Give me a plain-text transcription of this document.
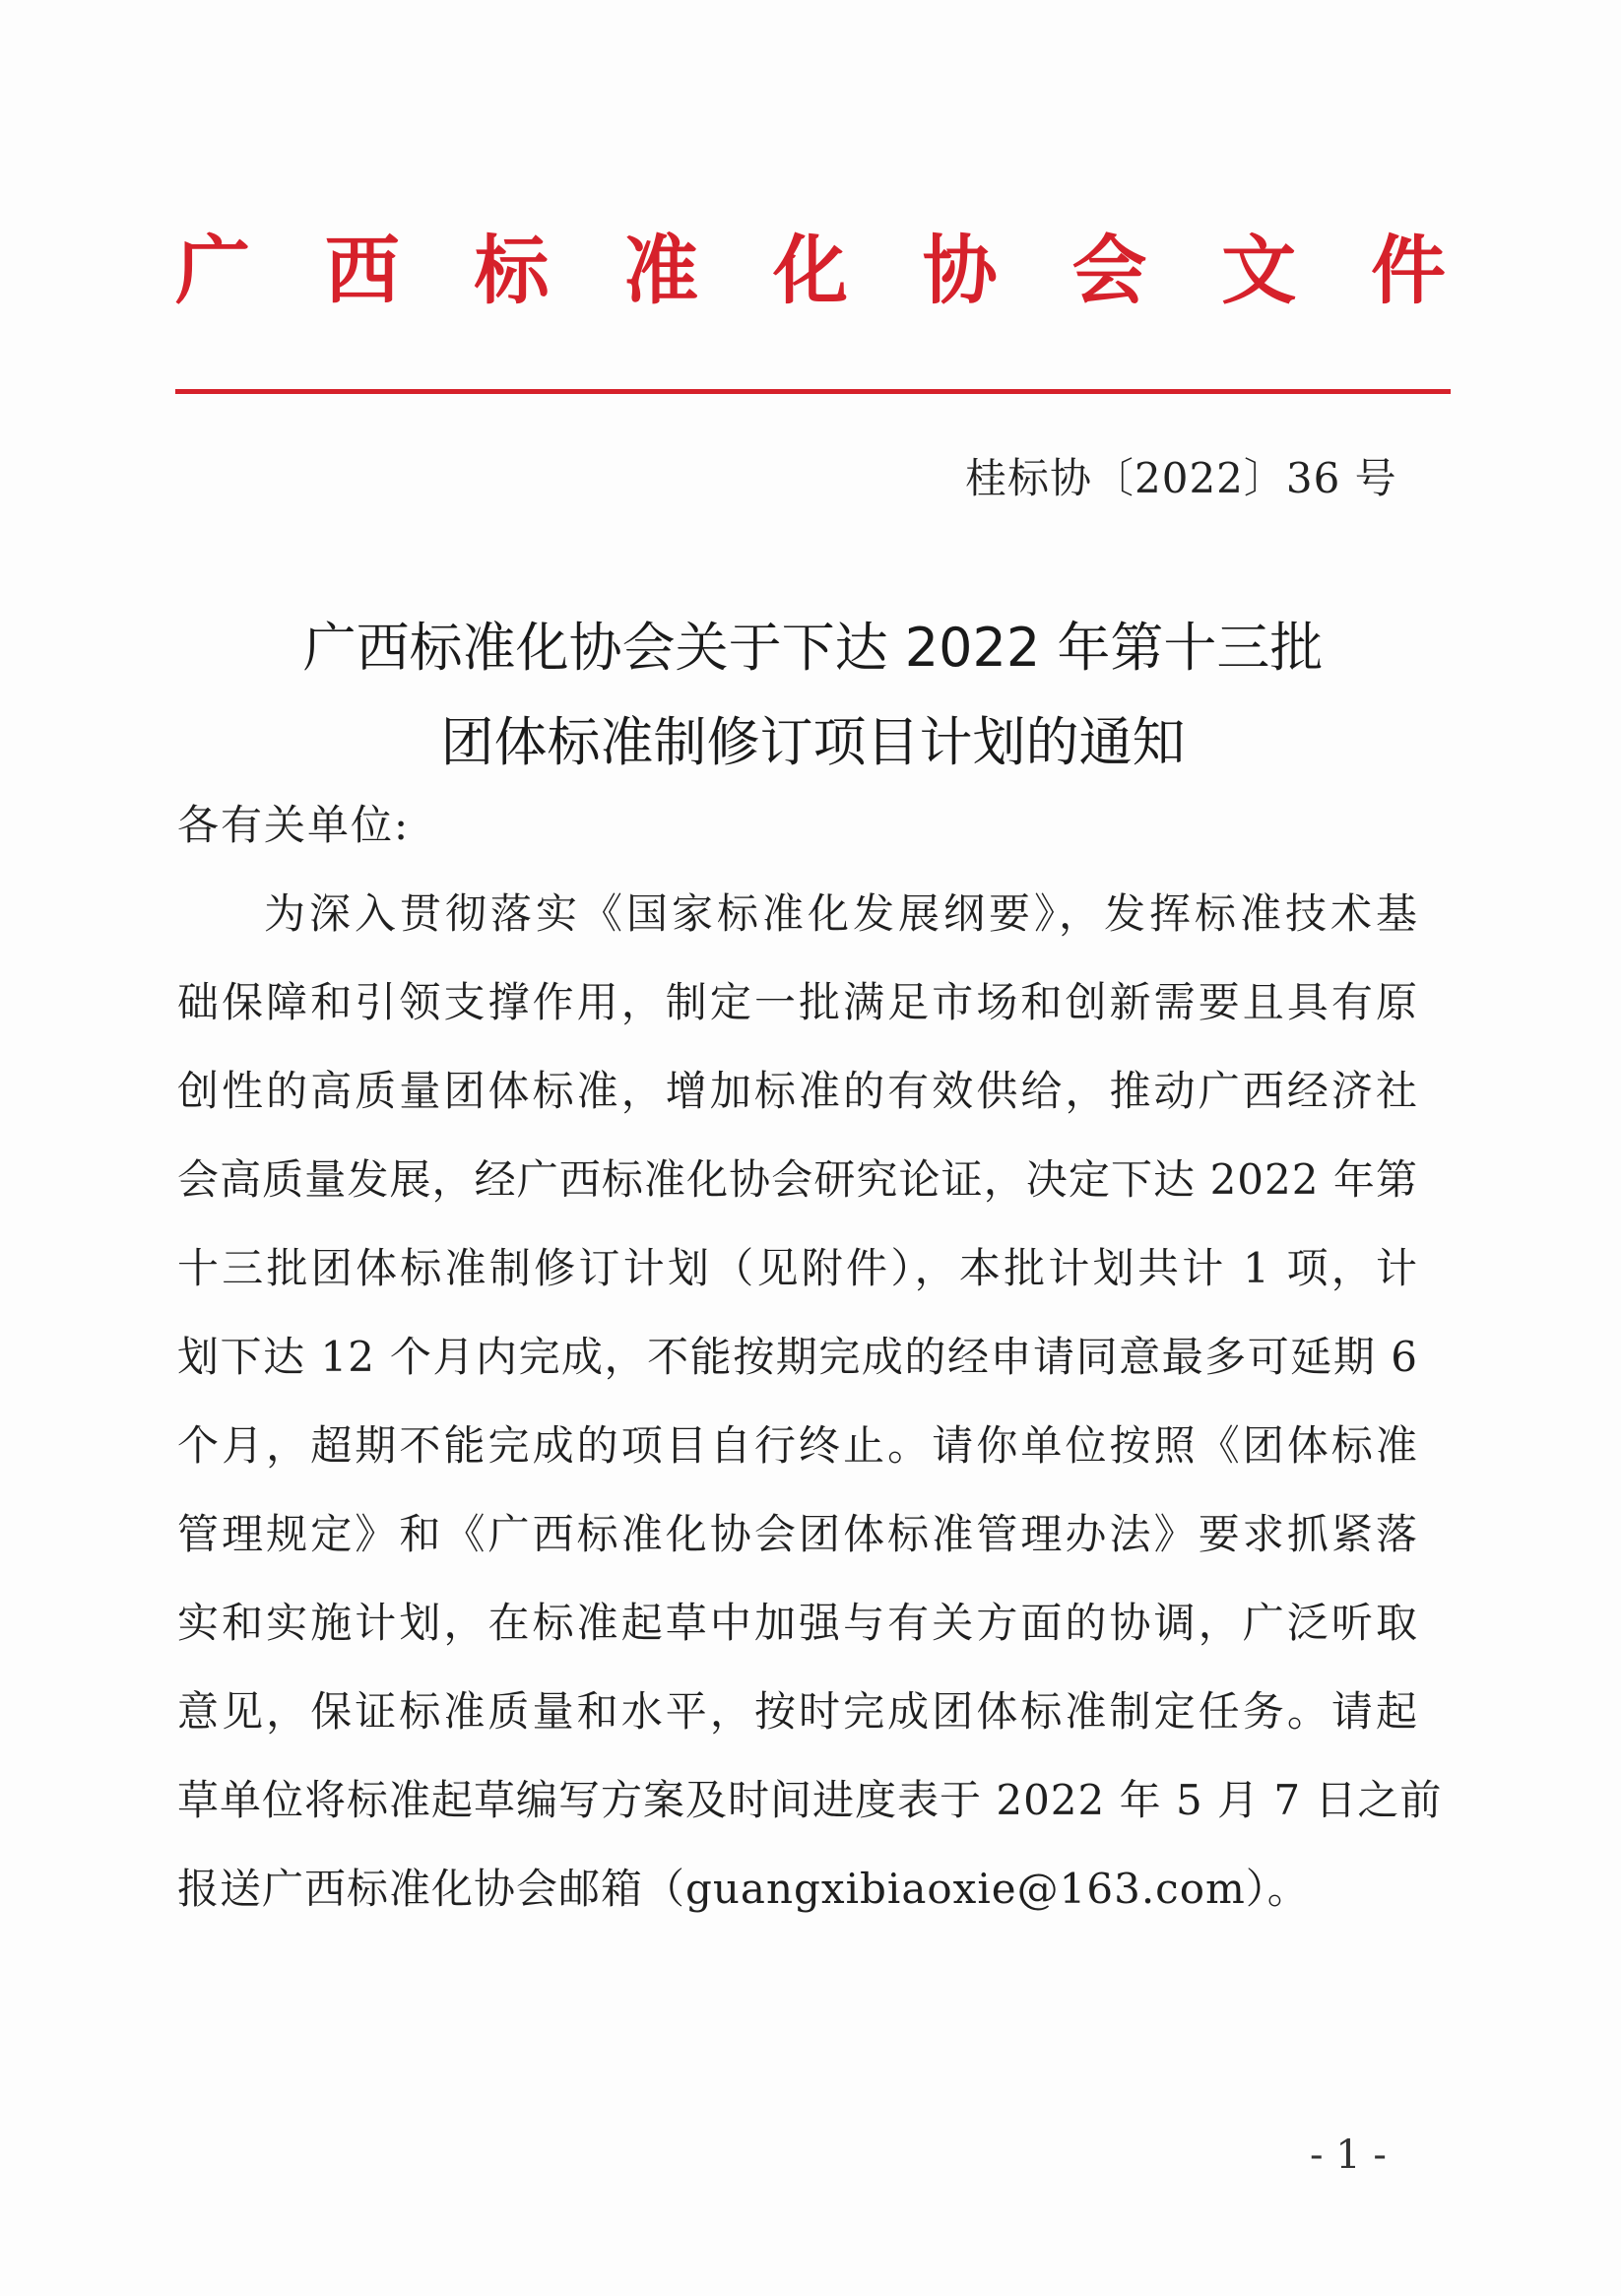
广 西 标 准 化 协 会 文 件
桂标协〔2022〕36 号
广西标准化协会关于下达 2022 年第十三批
团体标准制修订项目计划的通知
各有关单位:
为深入贯彻落实《国家标准化发展纲要》，发挥标准技术基
础保障和引领支撑作用，制定一批满足市场和创新需要且具有原
创性的高质量团体标准，增加标准的有效供给，推动广西经济社
会高质量发展，经广西标准化协会研究论证，决定下达 2022 年第
十三批团体标准制修订计划（见附件），本批计划共计 1 项，计
划下达 12 个月内完成，不能按期完成的经申请同意最多可延期 6
个月，超期不能完成的项目自行终止。请你单位按照《团体标准
管理规定》和《广西标准化协会团体标准管理办法》要求抓紧落
实和实施计划，在标准起草中加强与有关方面的协调，广泛听取
意见，保证标准质量和水平，按时完成团体标准制定任务。请起
草单位将标准起草编写方案及时间进度表于 2022 年 5 月 7 日之前
报送广西标准化协会邮箱（guangxibiaoxie@163.com）。
- 1 -
